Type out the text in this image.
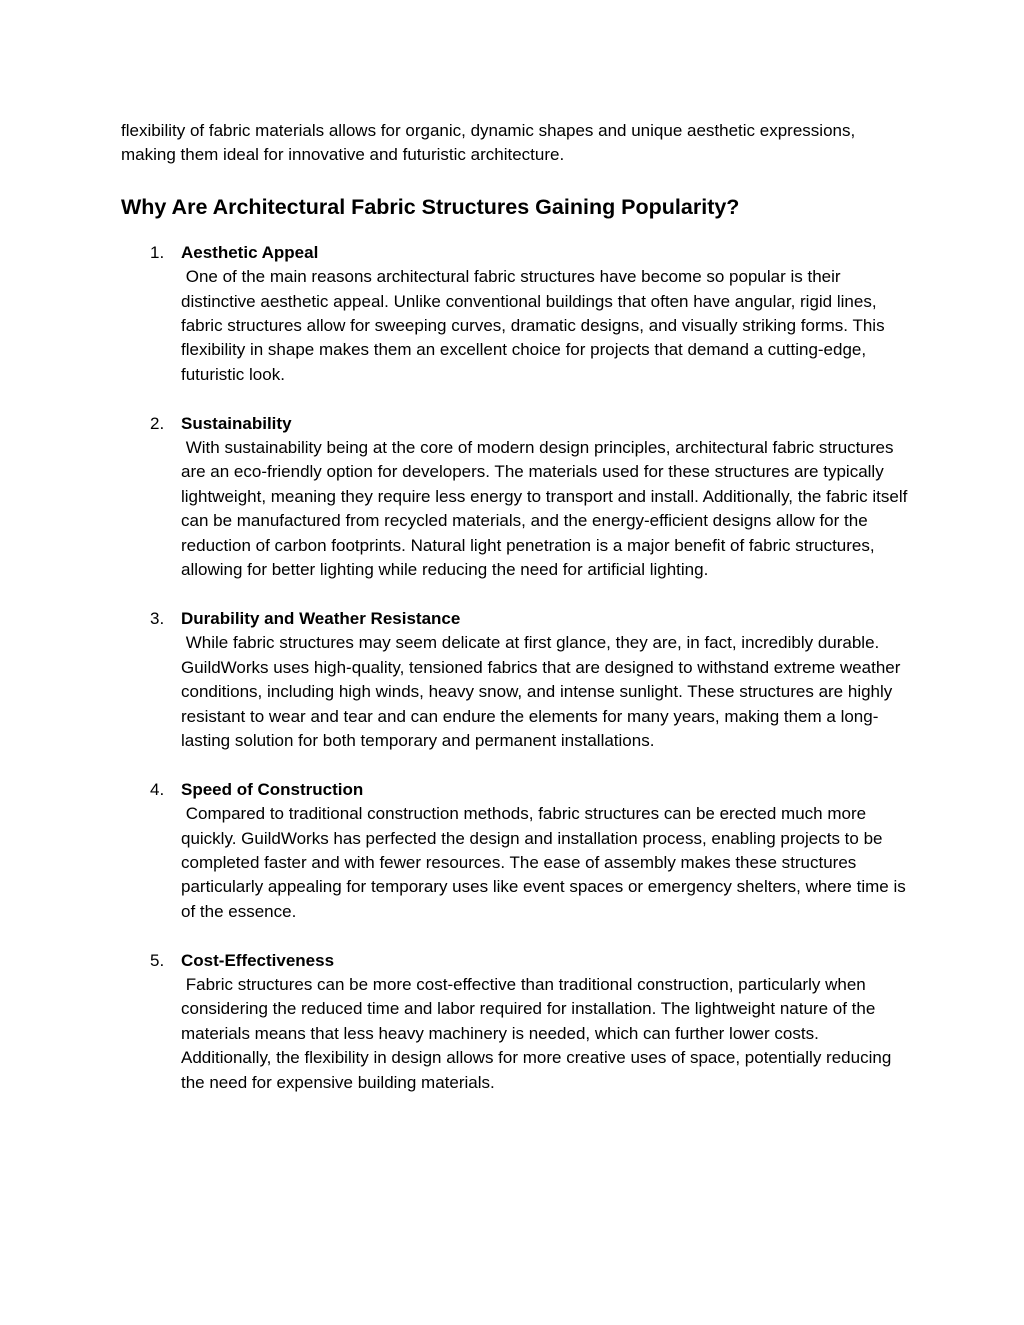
flexibility of fabric materials allows for organic, dynamic shapes and unique aesthetic expressions, making them ideal for innovative and futuristic architecture.

Why Are Architectural Fabric Structures Gaining Popularity?
1. Aesthetic Appeal
One of the main reasons architectural fabric structures have become so popular is their distinctive aesthetic appeal. Unlike conventional buildings that often have angular, rigid lines, fabric structures allow for sweeping curves, dramatic designs, and visually striking forms. This flexibility in shape makes them an excellent choice for projects that demand a cutting-edge, futuristic look.
2. Sustainability
With sustainability being at the core of modern design principles, architectural fabric structures are an eco-friendly option for developers. The materials used for these structures are typically lightweight, meaning they require less energy to transport and install. Additionally, the fabric itself can be manufactured from recycled materials, and the energy-efficient designs allow for the reduction of carbon footprints. Natural light penetration is a major benefit of fabric structures, allowing for better lighting while reducing the need for artificial lighting.
3. Durability and Weather Resistance
While fabric structures may seem delicate at first glance, they are, in fact, incredibly durable. GuildWorks uses high-quality, tensioned fabrics that are designed to withstand extreme weather conditions, including high winds, heavy snow, and intense sunlight. These structures are highly resistant to wear and tear and can endure the elements for many years, making them a long-lasting solution for both temporary and permanent installations.
4. Speed of Construction
Compared to traditional construction methods, fabric structures can be erected much more quickly. GuildWorks has perfected the design and installation process, enabling projects to be completed faster and with fewer resources. The ease of assembly makes these structures particularly appealing for temporary uses like event spaces or emergency shelters, where time is of the essence.
5. Cost-Effectiveness
Fabric structures can be more cost-effective than traditional construction, particularly when considering the reduced time and labor required for installation. The lightweight nature of the materials means that less heavy machinery is needed, which can further lower costs. Additionally, the flexibility in design allows for more creative uses of space, potentially reducing the need for expensive building materials.
